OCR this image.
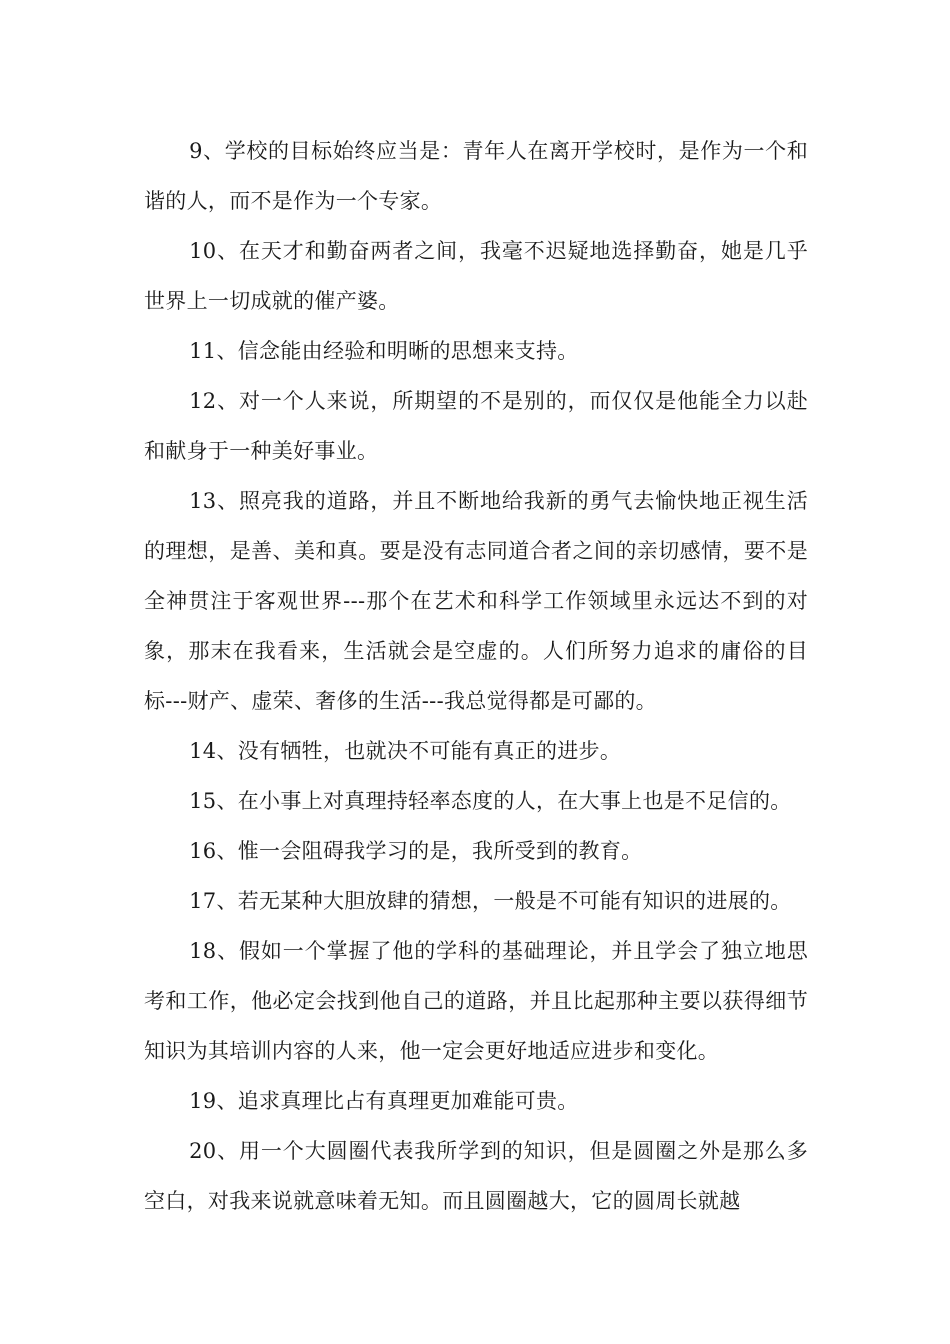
9、学校的目标始终应当是：青年人在离开学校时，是作为一个和谐的人，而不是作为一个专家。

10、在天才和勤奋两者之间，我毫不迟疑地选择勤奋，她是几乎世界上一切成就的催产婆。

11、信念能由经验和明晰的思想来支持。

12、对一个人来说，所期望的不是别的，而仅仅是他能全力以赴和献身于一种美好事业。

13、照亮我的道路，并且不断地给我新的勇气去愉快地正视生活的理想，是善、美和真。要是没有志同道合者之间的亲切感情，要不是全神贯注于客观世界---那个在艺术和科学工作领域里永远达不到的对象，那末在我看来，生活就会是空虚的。人们所努力追求的庸俗的目标---财产、虚荣、奢侈的生活---我总觉得都是可鄙的。

14、没有牺牲，也就决不可能有真正的进步。

15、在小事上对真理持轻率态度的人，在大事上也是不足信的。

16、惟一会阻碍我学习的是，我所受到的教育。

17、若无某种大胆放肆的猜想，一般是不可能有知识的进展的。

18、假如一个掌握了他的学科的基础理论，并且学会了独立地思考和工作，他必定会找到他自己的道路，并且比起那种主要以获得细节知识为其培训内容的人来，他一定会更好地适应进步和变化。

19、追求真理比占有真理更加难能可贵。

20、用一个大圆圈代表我所学到的知识，但是圆圈之外是那么多空白，对我来说就意味着无知。而且圆圈越大，它的圆周长就越
